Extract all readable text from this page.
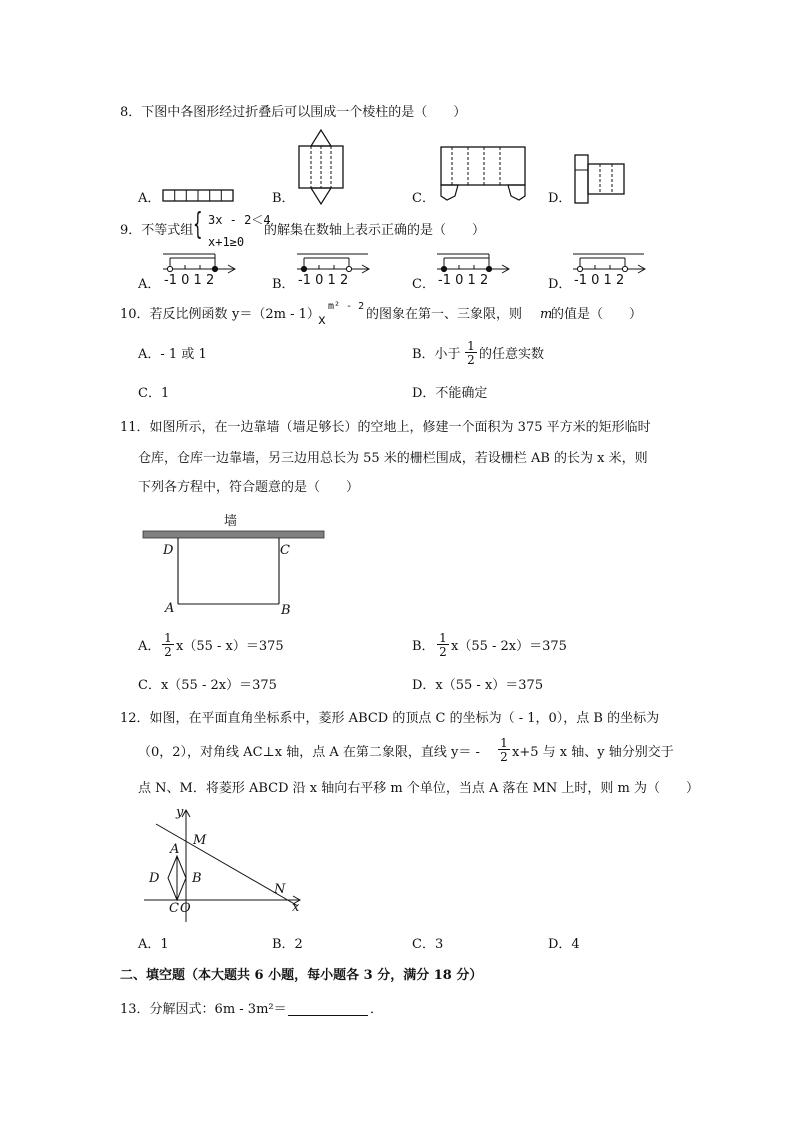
8．下图中各图形经过折叠后可以围成一个棱柱的是（　　）
A．	B．	C．	D．
9．不等式组 { 3x - 2＜4
x+1≥0
的解集在数轴上表示正确的是（　　）
A． -1 0 1 2	B． -1 0 1 2	C． -1 0 1 2	D． -1 0 1 2
10．若反比例函数 y＝（2m - 1）
x
m² - 2
的图象在第一、三象限，则 m
的值是（　　）
A．- 1 或 1	B．小于 $\frac{1}{2}$ 的任意实数
C．1	D．不能确定
11．如图所示，在一边靠墙（墙足够长）的空地上，修建一个面积为 375 平方米的矩形临时
仓库，仓库一边靠墙，另三边用总长为 55 米的栅栏围成，若设栅栏 AB 的长为 x 米，则
下列各方程中，符合题意的是（　　）
墙
D	C
A	B
A． $\frac{1}{2} x(55 - x)=375$	B． $\frac{1}{2} x(55 - 2x)=375$
C．x（55 - 2x）＝375	D．x（55 - x）＝375
12．如图，在平面直角坐标系中，菱形 ABCD 的顶点 C 的坐标为（ - 1，0），点 B 的坐标为
（0，2），对角线 AC⊥x 轴，点 A 在第二象限，直线 $y= - \frac{1}{2} x+5$ 与 x 轴、y 轴分别交于
点 N、M．将菱形 ABCD 沿 x 轴向右平移 m 个单位，当点 A 落在 MN 上时，则 m 为（　　）
y
M
A
D	B
N
C O	x
A．1	B．2	C．3	D．4
二、填空题（本大题共 6 小题，每小题各 3 分，满分 18 分）
13．分解因式：6m - 3m²＝	．
